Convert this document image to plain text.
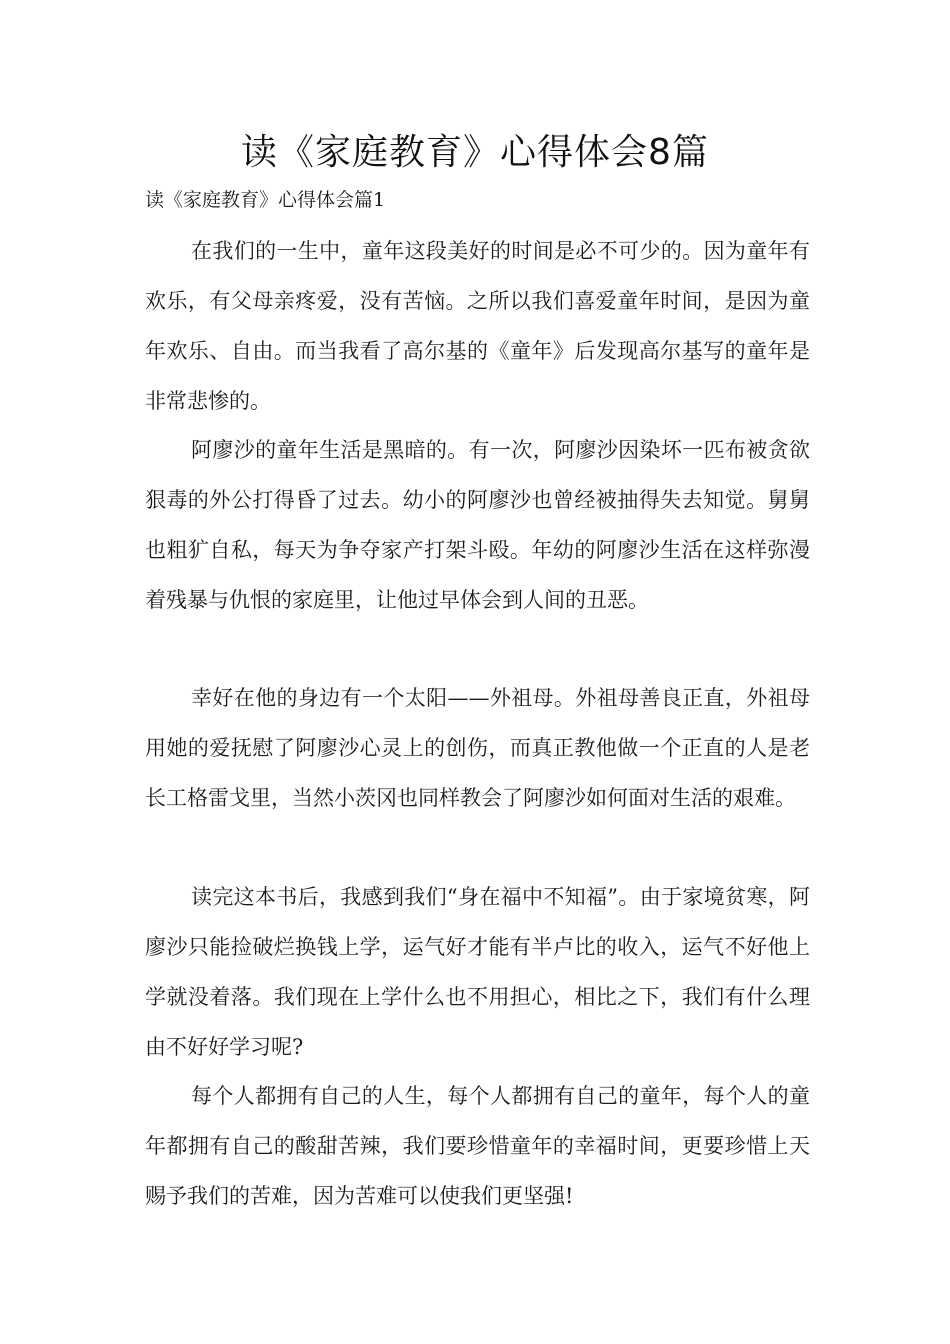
读《家庭教育》心得体会8篇
读《家庭教育》心得体会篇1

在我们的一生中，童年这段美好的时间是必不可少的。因为童年有欢乐，有父母亲疼爱，没有苦恼。之所以我们喜爱童年时间，是因为童年欢乐、自由。而当我看了高尔基的《童年》后发现高尔基写的童年是非常悲惨的。

阿廖沙的童年生活是黑暗的。有一次，阿廖沙因染坏一匹布被贪欲狠毒的外公打得昏了过去。幼小的阿廖沙也曾经被抽得失去知觉。舅舅也粗犷自私，每天为争夺家产打架斗殴。年幼的阿廖沙生活在这样弥漫着残暴与仇恨的家庭里，让他过早体会到人间的丑恶。

幸好在他的身边有一个太阳——外祖母。外祖母善良正直，外祖母用她的爱抚慰了阿廖沙心灵上的创伤，而真正教他做一个正直的人是老长工格雷戈里，当然小茨冈也同样教会了阿廖沙如何面对生活的艰难。

读完这本书后，我感到我们“身在福中不知福”。由于家境贫寒，阿廖沙只能捡破烂换钱上学，运气好才能有半卢比的收入，运气不好他上学就没着落。我们现在上学什么也不用担心，相比之下，我们有什么理由不好好学习呢?

每个人都拥有自己的人生，每个人都拥有自己的童年，每个人的童年都拥有自己的酸甜苦辣，我们要珍惜童年的幸福时间，更要珍惜上天赐予我们的苦难，因为苦难可以使我们更坚强!
